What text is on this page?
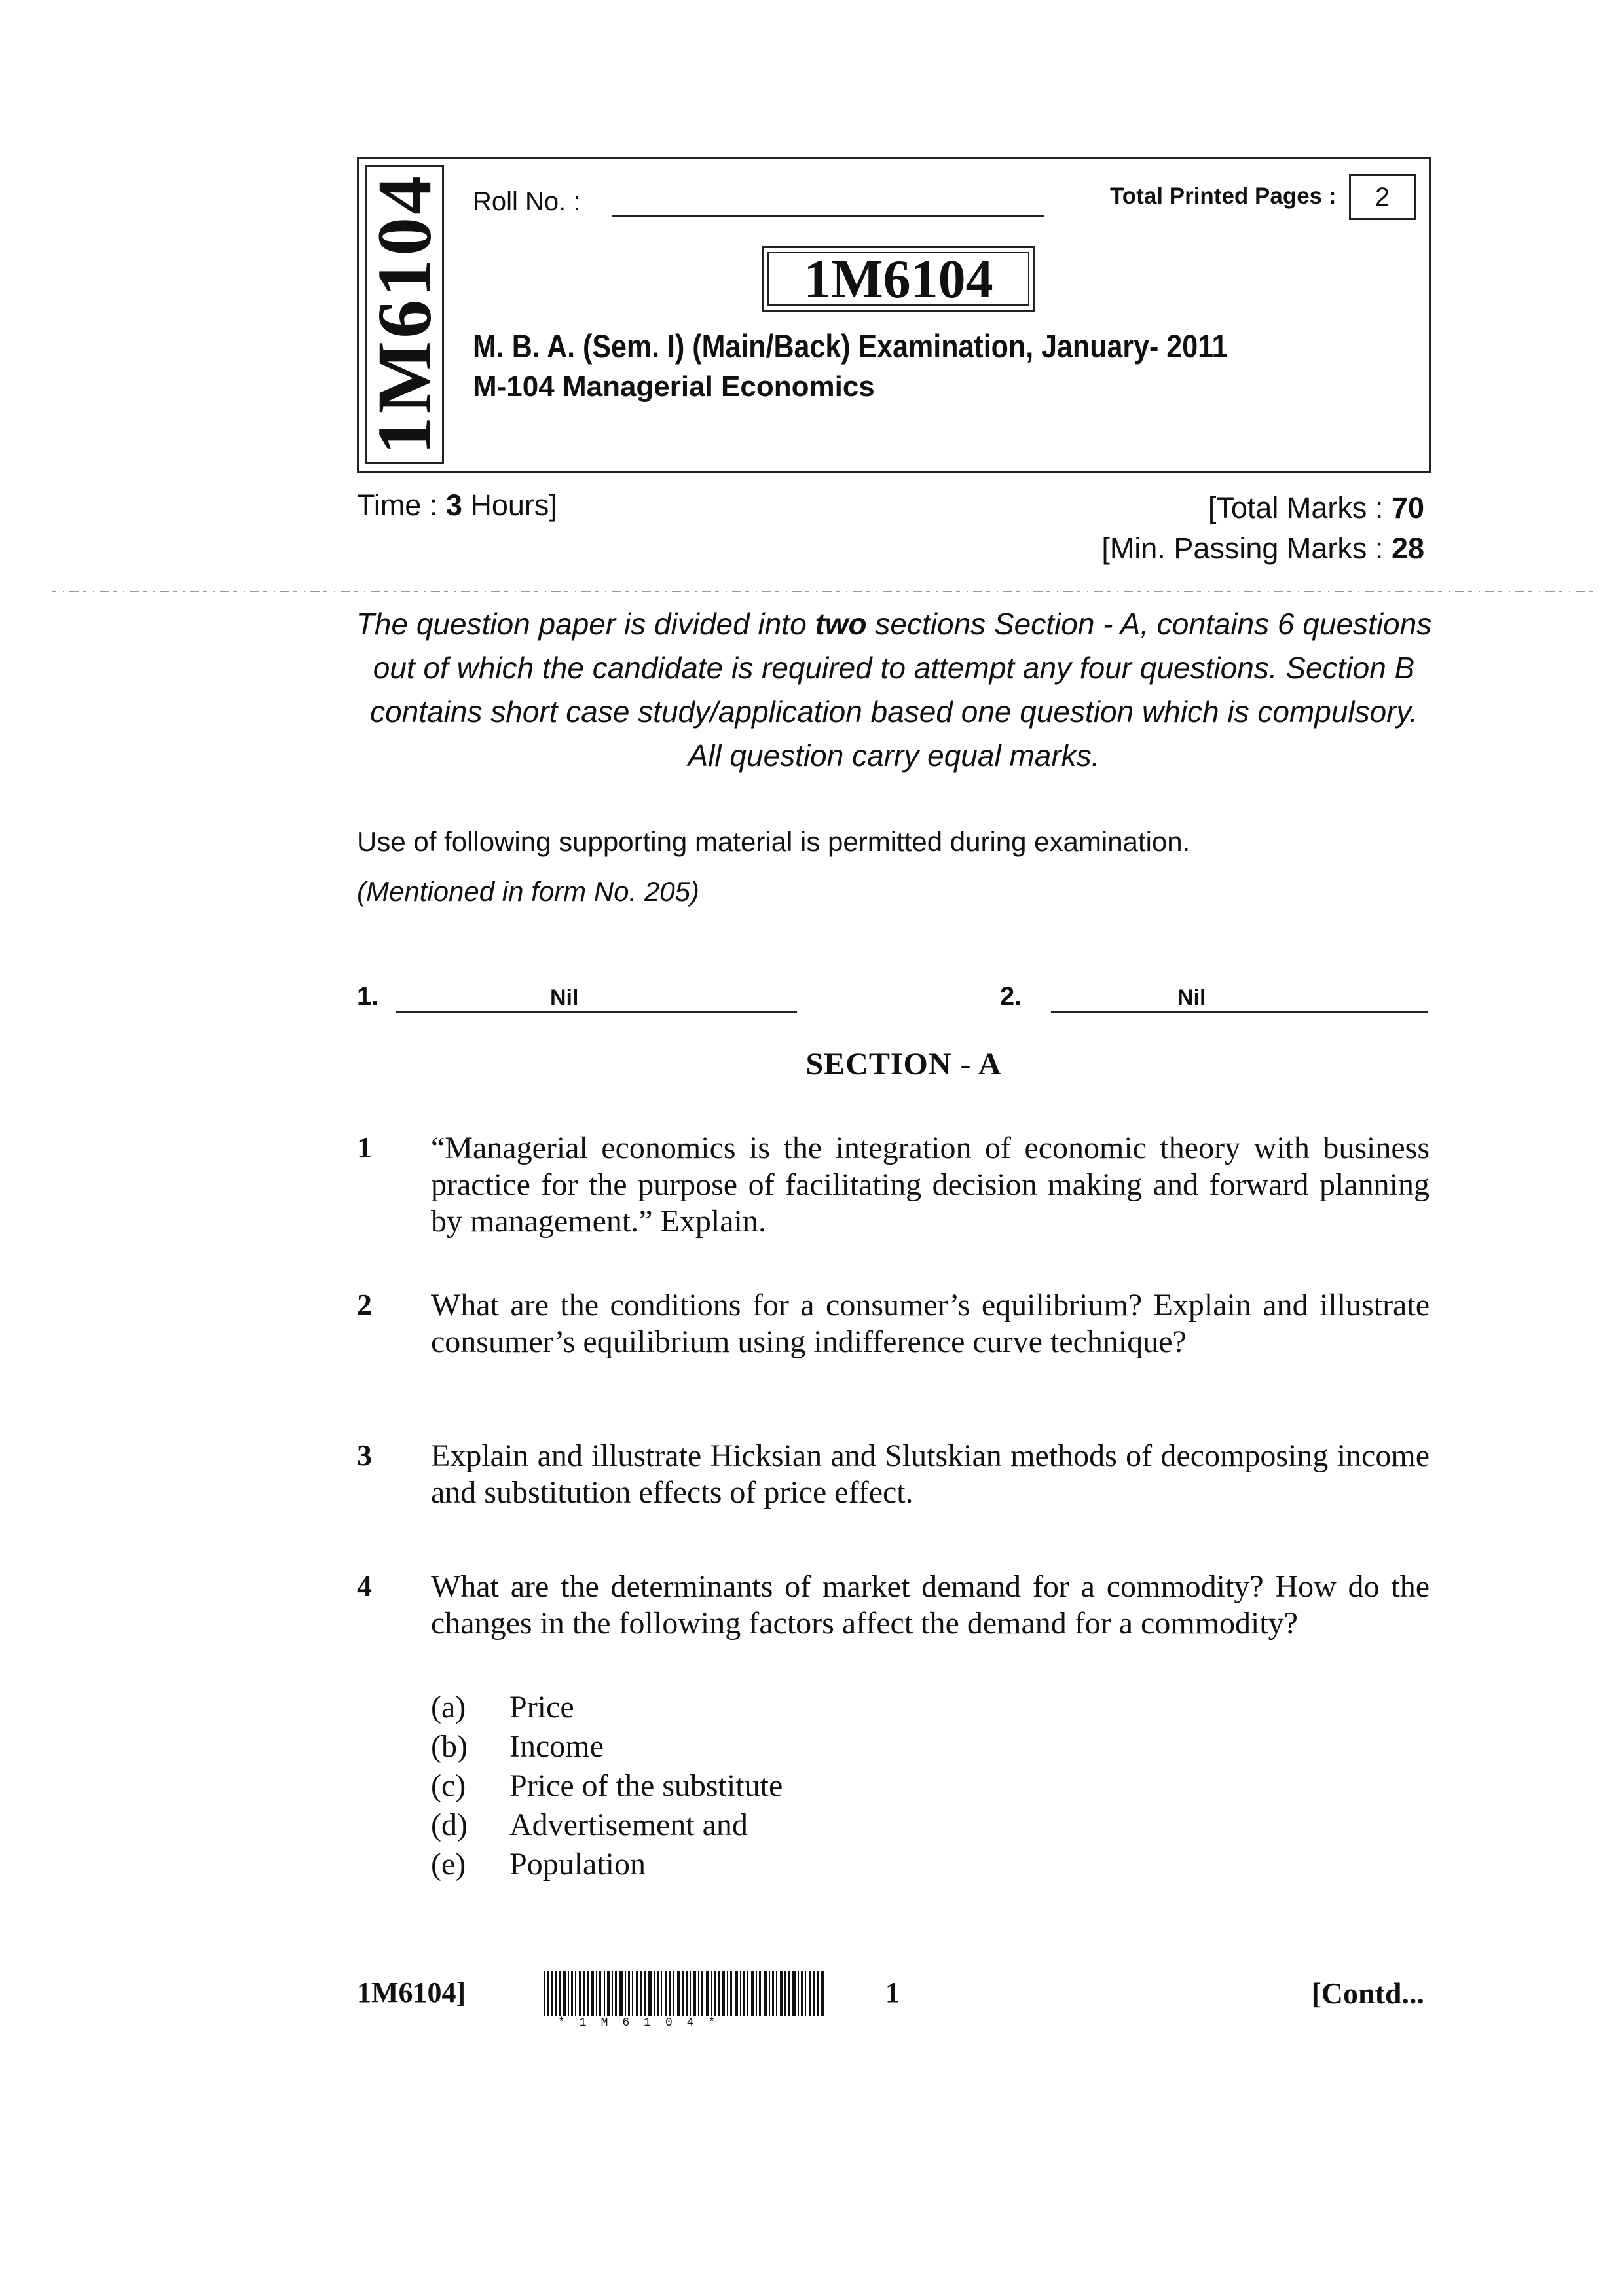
1M6104 Roll No. :	Total Printed Pages :	2
1M6104
M. B. A. (Sem. I) (Main/Back) Examination, January- 2011
M-104 Managerial Economics
Time : 3 Hours]	[Total Marks : 70
[Min. Passing Marks : 28
The question paper is divided into two sections Section - A, contains 6 questions out of which the candidate is required to attempt any four questions. Section B contains short case study/application based one question which is compulsory. All question carry equal marks.
Use of following supporting material is permitted during examination.
(Mentioned in form No. 205)
1.	Nil	2.	Nil
SECTION - A
1 “Managerial economics is the integration of economic theory with business practice for the purpose of facilitating decision making and forward planning by management.” Explain.
2 What are the conditions for a consumer’s equilibrium? Explain and illustrate consumer’s equilibrium using indifference curve technique?
3 Explain and illustrate Hicksian and Slutskian methods of decomposing income and substitution effects of price effect.
4 What are the determinants of market demand for a commodity? How do the changes in the following factors affect the demand for a commodity?
(a)	Price
(b)	Income
(c)	Price of the substitute
(d)	Advertisement and
(e)	Population
1M6104]
*1M6104*
1	[Contd...
